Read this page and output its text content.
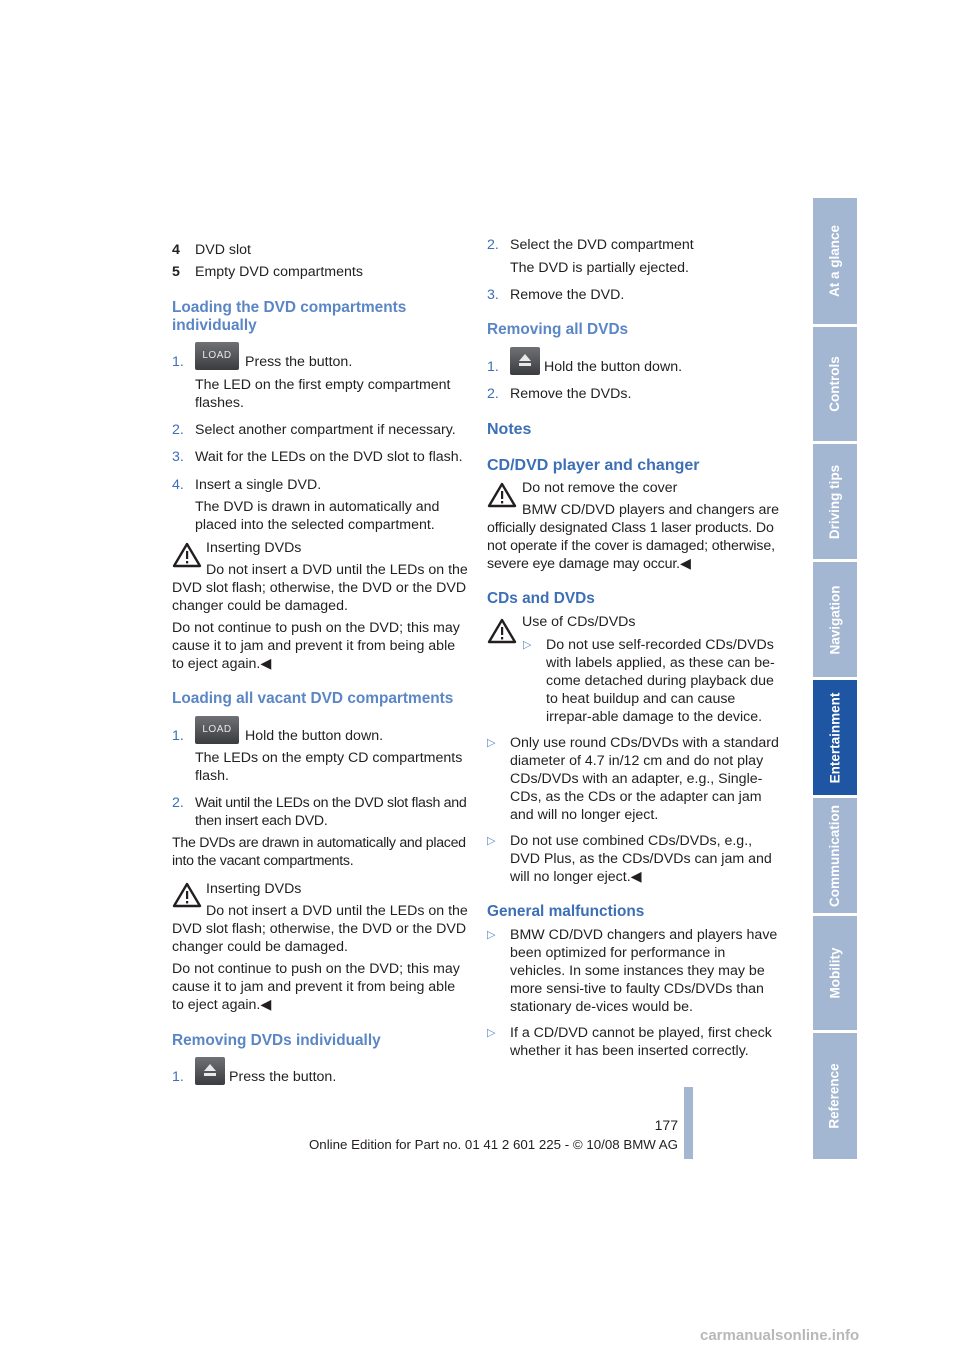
4 DVD slot
5 Empty DVD compartments
Loading the DVD compartments individually
1. LOAD Press the button.
The LED on the first empty compartment flashes.
2. Select another compartment if necessary.
3. Wait for the LEDs on the DVD slot to flash.
4. Insert a single DVD.
The DVD is drawn in automatically and placed into the selected compartment.
Inserting DVDs
Do not insert a DVD until the LEDs on the
DVD slot flash; otherwise, the DVD or the DVD changer could be damaged.
Do not continue to push on the DVD; this may cause it to jam and prevent it from being able to eject again.◀
Loading all vacant DVD compartments
1. LOAD Hold the button down.
The LEDs on the empty CD compartments flash.
2. Wait until the LEDs on the DVD slot flash and then insert each DVD.
The DVDs are drawn in automatically and placed into the vacant compartments.
Inserting DVDs
Do not insert a DVD until the LEDs on the
DVD slot flash; otherwise, the DVD or the DVD changer could be damaged.
Do not continue to push on the DVD; this may cause it to jam and prevent it from being able to eject again.◀
Removing DVDs individually
1.	Press the button.
2. Select the DVD compartment
The DVD is partially ejected.
3. Remove the DVD.
Removing all DVDs
1.	Hold the button down.
2. Remove the DVDs.
Notes
CD/DVD player and changer
Do not remove the cover
BMW CD/DVD players and changers are
officially designated Class 1 laser products. Do not operate if the cover is damaged; otherwise, severe eye damage may occur.◀
CDs and DVDs
Use of CDs/DVDs
▷ Do not use self-recorded CDs/DVDs with labels applied, as these can be-come detached during playback due to heat buildup and can cause irrepar-able damage to the device.
▷ Only use round CDs/DVDs with a standard diameter of 4.7 in/12 cm and do not play CDs/DVDs with an adapter, e.g., Single-CDs, as the CDs or the adapter can jam and will no longer eject.
▷ Do not use combined CDs/DVDs, e.g., DVD Plus, as the CDs/DVDs can jam and will no longer eject.◀
General malfunctions
▷ BMW CD/DVD changers and players have been optimized for performance in vehicles. In some instances they may be more sensi-tive to faulty CDs/DVDs than stationary de-vices would be.
▷ If a CD/DVD cannot be played, first check whether it has been inserted correctly.
At a glance
Controls
Driving tips
Navigation
Entertainment
Communication
Mobility
Reference
177
Online Edition for Part no. 01 41 2 601 225 - © 10/08 BMW AG
carmanualsonline.info
